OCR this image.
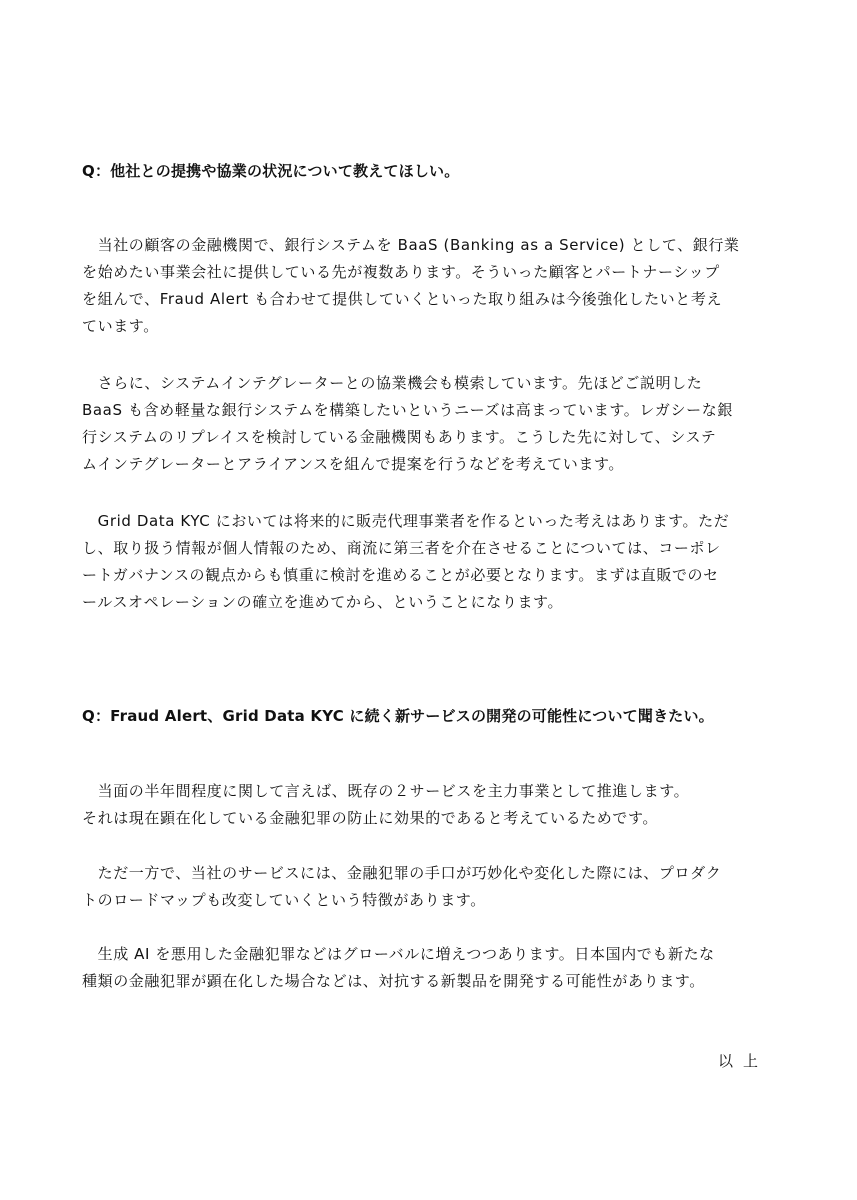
Q：他社との提携や協業の状況について教えてほしい。
　当社の顧客の金融機関で、銀行システムを BaaS (Banking as a Service) として、銀行業
を始めたい事業会社に提供している先が複数あります。そういった顧客とパートナーシップ
を組んで、Fraud Alert も合わせて提供していくといった取り組みは今後強化したいと考え
ています。
　さらに、システムインテグレーターとの協業機会も模索しています。先ほどご説明した
BaaS も含め軽量な銀行システムを構築したいというニーズは高まっています。レガシーな銀
行システムのリプレイスを検討している金融機関もあります。こうした先に対して、システ
ムインテグレーターとアライアンスを組んで提案を行うなどを考えています。
　Grid Data KYC においては将来的に販売代理事業者を作るといった考えはあります。ただ
し、取り扱う情報が個人情報のため、商流に第三者を介在させることについては、コーポレ
ートガバナンスの観点からも慎重に検討を進めることが必要となります。まずは直販でのセ
ールスオペレーションの確立を進めてから、ということになります。
Q：Fraud Alert、Grid Data KYC に続く新サービスの開発の可能性について聞きたい。
　当面の半年間程度に関して言えば、既存の２サービスを主力事業として推進します。
それは現在顕在化している金融犯罪の防止に効果的であると考えているためです。
　ただ一方で、当社のサービスには、金融犯罪の手口が巧妙化や変化した際には、プロダク
トのロードマップも改変していくという特徴があります。
　生成 AI を悪用した金融犯罪などはグローバルに増えつつあります。日本国内でも新たな
種類の金融犯罪が顕在化した場合などは、対抗する新製品を開発する可能性があります。
以上
